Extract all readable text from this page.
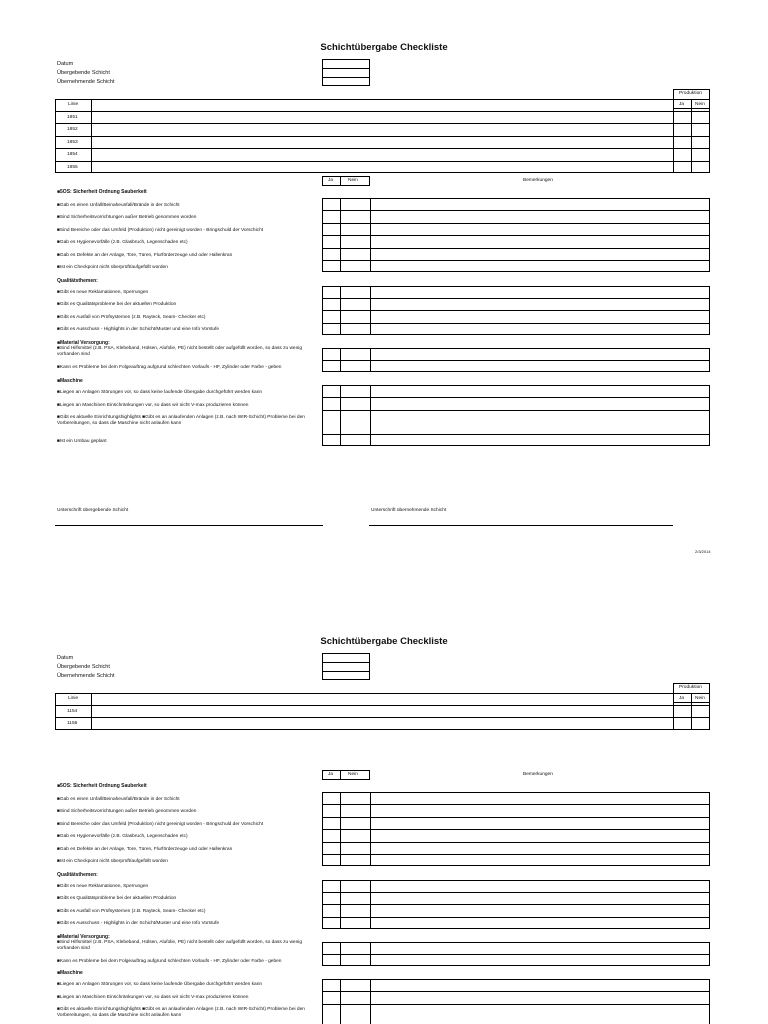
Schichtübergabe Checkliste
Datum
Übergebende Schicht
Übernehmende Schicht
Produktion
Ja Nein
Linie
1851
1852
1853
1854
1855
Ja	Nein	Bemerkungen
■5OS: Sicherheit Ordnung Sauberkeit
■Gab es einen Unfall/Beinaheunfall/Brände in der Schicht
■Sind Sicherheitsvorrichtungen außer Betrieb genommen worden
■Sind Bereiche oder das Umfeld (Produktion) nicht gereinigt worden - Bringschuld der Vorschicht
■Gab es Hygienevorfälle (z.B. Glasbruch, Legenschaden etc)
■Gab es Defekte an der Anlage, Tore, Türen, Flurförderzeuge und oder Hallenkran
■Ist ein Checkpoint nicht überprüft/aufgefüllt worden
Qualitätsthemen:
■Gibt es neue Reklamationen, Sperrungen
■Gibt es Qualitätsprobleme bei der aktuellen Produktion
■Gibt es Ausfall von Prüfsystemen (z.B. Rayteck, Seam- Checker etc)
■Gibt es Ausschuss - Highlights in der Schicht/Muster und eine Info Vorstufe
■Material Versorgung:
■Sind Hilfsmittel (z.B. PSA, Klebeband, Hülsen, Alufolie, PE) nicht bestellt oder aufgefüllt worden, so dass zu wenig vorhanden sind
■Kann es Probleme bei dem Folgeauftrag aufgrund schlechten Vorlaufs - HF, Zylinder oder Farbe - geben
■Maschine
■Liegen an Anlagen Störungen vor, so dass keine laufende Übergabe durchgeführt werden kann
■Liegen an Maschinen Einschränkungen vor, so dass wir nicht V-max produzieren können
■Gibt es aktuelle Einrichtungshighlights ■Gibt es an anlaufenden Anlagen (z.B. nach WIR-Schicht) Probleme bei den Vorbereitungen, so dass die Maschine nicht anlaufen kann
■Ist ein Umbau geplant
Unterschrift übergebende Schicht	Unterschrift übernehmende Schicht
2/3/2014
Schichtübergabe Checkliste
Datum
Übergebende Schicht
Übernehmende Schicht
Produktion
Ja Nein
Linie
1154
1156
Ja	Nein	Bemerkungen
■5OS: Sicherheit Ordnung Sauberkeit
■Gab es einen Unfall/Beinaheunfall/Brände in der Schicht
■Sind Sicherheitsvorrichtungen außer Betrieb genommen worden
■Sind Bereiche oder das Umfeld (Produktion) nicht gereinigt worden - Bringschuld der Vorschicht
■Gab es Hygienevorfälle (z.B. Glasbruch, Legenschaden etc)
■Gab es Defekte an der Anlage, Tore, Türen, Flurförderzeuge und oder Hallenkran
■Ist ein Checkpoint nicht überprüft/aufgefüllt worden
Qualitätsthemen:
■Gibt es neue Reklamationen, Sperrungen
■Gibt es Qualitätsprobleme bei der aktuellen Produktion
■Gibt es Ausfall von Prüfsystemen (z.B. Rayteck, Seam- Checker etc)
■Gibt es Ausschuss - Highlights in der Schicht/Muster und eine Info Vorstufe
■Material Versorgung:
■Sind Hilfsmittel (z.B. PSA, Klebeband, Hülsen, Alufolie, PE) nicht bestellt oder aufgefüllt worden, so dass zu wenig vorhanden sind
■Kann es Probleme bei dem Folgeauftrag aufgrund schlechten Vorlaufs - HF, Zylinder oder Farbe - geben
■Maschine
■Liegen an Anlagen Störungen vor, so dass keine laufende Übergabe durchgeführt werden kann
■Liegen an Maschinen Einschränkungen vor, so dass wir nicht V-max produzieren können
■Gibt es aktuelle Einrichtungshighlights ■Gibt es an anlaufenden Anlagen (z.B. nach WIR-Schicht) Probleme bei den Vorbereitungen, so dass die Maschine nicht anlaufen kann
